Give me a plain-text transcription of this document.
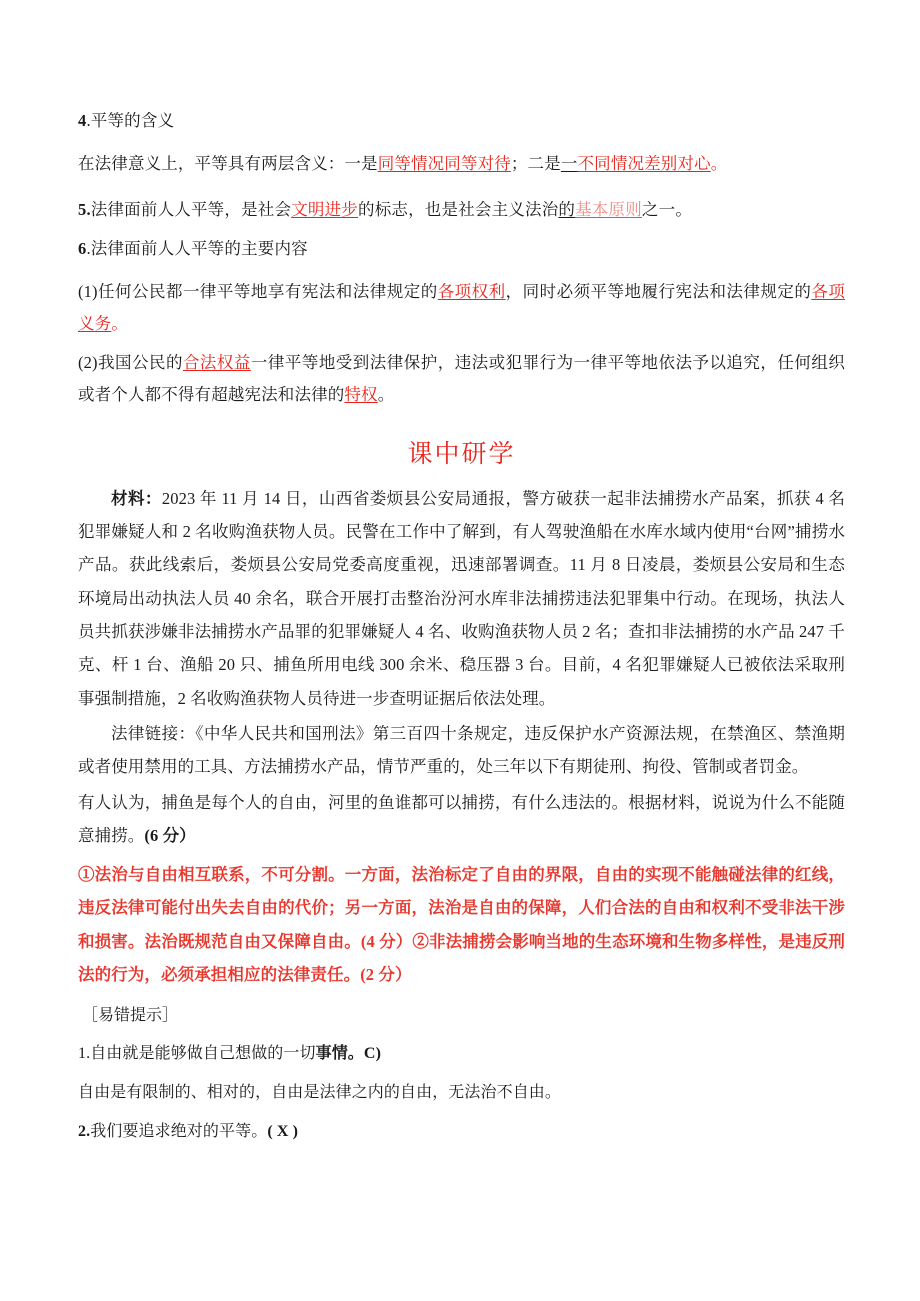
4.平等的含义

在法律意义上，平等具有两层含义：一是同等情况同等对待；二是一不同情况差别对心。

5.法律面前人人平等，是社会文明进步的标志，也是社会主义法治的基本原则之一。

6.法律面前人人平等的主要内容

(1)任何公民都一律平等地享有宪法和法律规定的各项权利，同时必须平等地履行宪法和法律规定的各项义务。

(2)我国公民的合法权益一律平等地受到法律保护，违法或犯罪行为一律平等地依法予以追究，任何组织或者个人都不得有超越宪法和法律的特权。

课中研学

材料：2023 年 11 月 14 日，山西省娄烦县公安局通报，警方破获一起非法捕捞水产品案，抓获 4 名犯罪嫌疑人和 2 名收购渔获物人员。民警在工作中了解到，有人驾驶渔船在水库水域内使用“台网”捕捞水产品。获此线索后，娄烦县公安局党委高度重视，迅速部署调查。11 月 8 日凌晨，娄烦县公安局和生态环境局出动执法人员 40 余名，联合开展打击整治汾河水库非法捕捞违法犯罪集中行动。在现场，执法人员共抓获涉嫌非法捕捞水产品罪的犯罪嫌疑人 4 名、收购渔获物人员 2 名；查扣非法捕捞的水产品 247 千克、杆 1 台、渔船 20 只、捕鱼所用电线 300 余米、稳压器 3 台。目前，4 名犯罪嫌疑人已被依法采取刑事强制措施，2 名收购渔获物人员待进一步查明证据后依法处理。

法律链接：《中华人民共和国刑法》第三百四十条规定，违反保护水产资源法规，在禁渔区、禁渔期或者使用禁用的工具、方法捕捞水产品，情节严重的，处三年以下有期徒刑、拘役、管制或者罚金。

有人认为，捕鱼是每个人的自由，河里的鱼谁都可以捕捞，有什么违法的。根据材料，说说为什么不能随意捕捞。(6 分）

①法治与自由相互联系，不可分割。一方面，法治标定了自由的界限，自由的实现不能触碰法律的红线，违反法律可能付出失去自由的代价；另一方面，法治是自由的保障，人们合法的自由和权利不受非法干涉和损害。法治既规范自由又保障自由。(4 分）②非法捕捞会影响当地的生态环境和生物多样性，是违反刑法的行为，必须承担相应的法律责任。(2 分）

［易错提示］

1.自由就是能够做自己想做的一切事情。C)

自由是有限制的、相对的，自由是法律之内的自由，无法治不自由。

2.我们要追求绝对的平等。( X )
